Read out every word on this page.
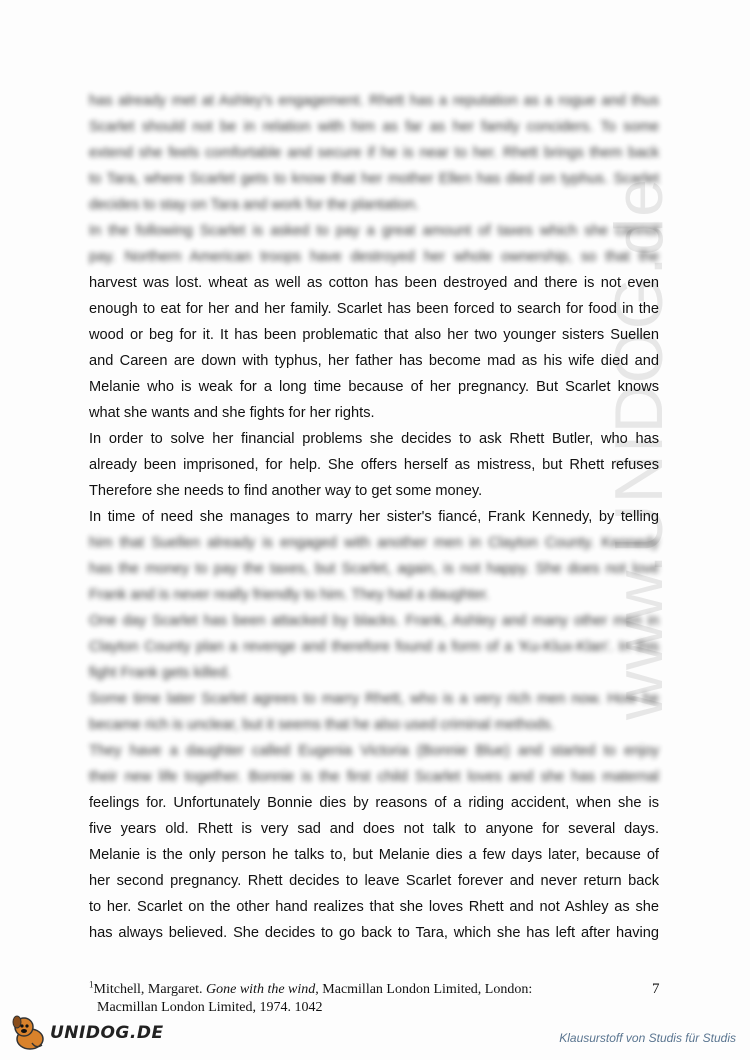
www.UNIDOG.de
has already met at Ashley's engagement. Rhett has a reputation as a rogue and thus
Scarlet should not be in relation with him as far as her family conciders. To some
extend she feels comfortable and secure if he is near to her. Rhett brings them back
to Tara, where Scarlet gets to know that her mother Ellen has died on typhus. Scarlet
decides to stay on Tara and work for the plantation.
In the following Scarlet is asked to pay a great amount of taxes which she cannot
pay. Northern American troops have destroyed her whole ownership, so that the
harvest was lost. wheat as well as cotton has been destroyed and there is not even
enough to eat for her and her family. Scarlet has been forced to search for food in the
wood or beg for it. It has been problematic that also her two younger sisters Suellen
and Careen are down with typhus, her father has become mad as his wife died and
Melanie who is weak for a long time because of her pregnancy. But Scarlet knows
what she wants and she fights for her rights.
In order to solve her financial problems she decides to ask Rhett Butler, who has
already been imprisoned, for help. She offers herself as mistress, but Rhett refuses
Therefore she needs to find another way to get some money.
In time of need she manages to marry her sister's fiancé, Frank Kennedy, by telling
him that Suellen already is engaged with another men in Clayton County. Kennedy
has the money to pay the taxes, but Scarlet, again, is not happy. She does not love
Frank and is never really friendly to him. They had a daughter.
One day Scarlet has been attacked by blacks. Frank, Ashley and many other men in
Clayton County plan a revenge and therefore found a form of a 'Ku-Klux-Klan'. In this
fight Frank gets killed.
Some time later Scarlet agrees to marry Rhett, who is a very rich men now. How he
became rich is unclear, but it seems that he also used criminal methods.
They have a daughter called Eugenia Victoria (Bonnie Blue) and started to enjoy
their new life together. Bonnie is the first child Scarlet loves and she has maternal
feelings for. Unfortunately Bonnie dies by reasons of a riding accident, when she is
five years old. Rhett is very sad and does not talk to anyone for several days.
Melanie is the only person he talks to, but Melanie dies a few days later, because of
her second pregnancy. Rhett decides to leave Scarlet forever and never return back
to her. Scarlet on the other hand realizes that she loves Rhett and not Ashley as she
has always believed. She decides to go back to Tara, which she has left after having
$^1$Mitchell, Margaret. Gone with the wind, Macmillan London Limited, London:
Macmillan London Limited, 1974. 1042
7
UNIDOG.DE	Klausurstoff von Studis für Studis
